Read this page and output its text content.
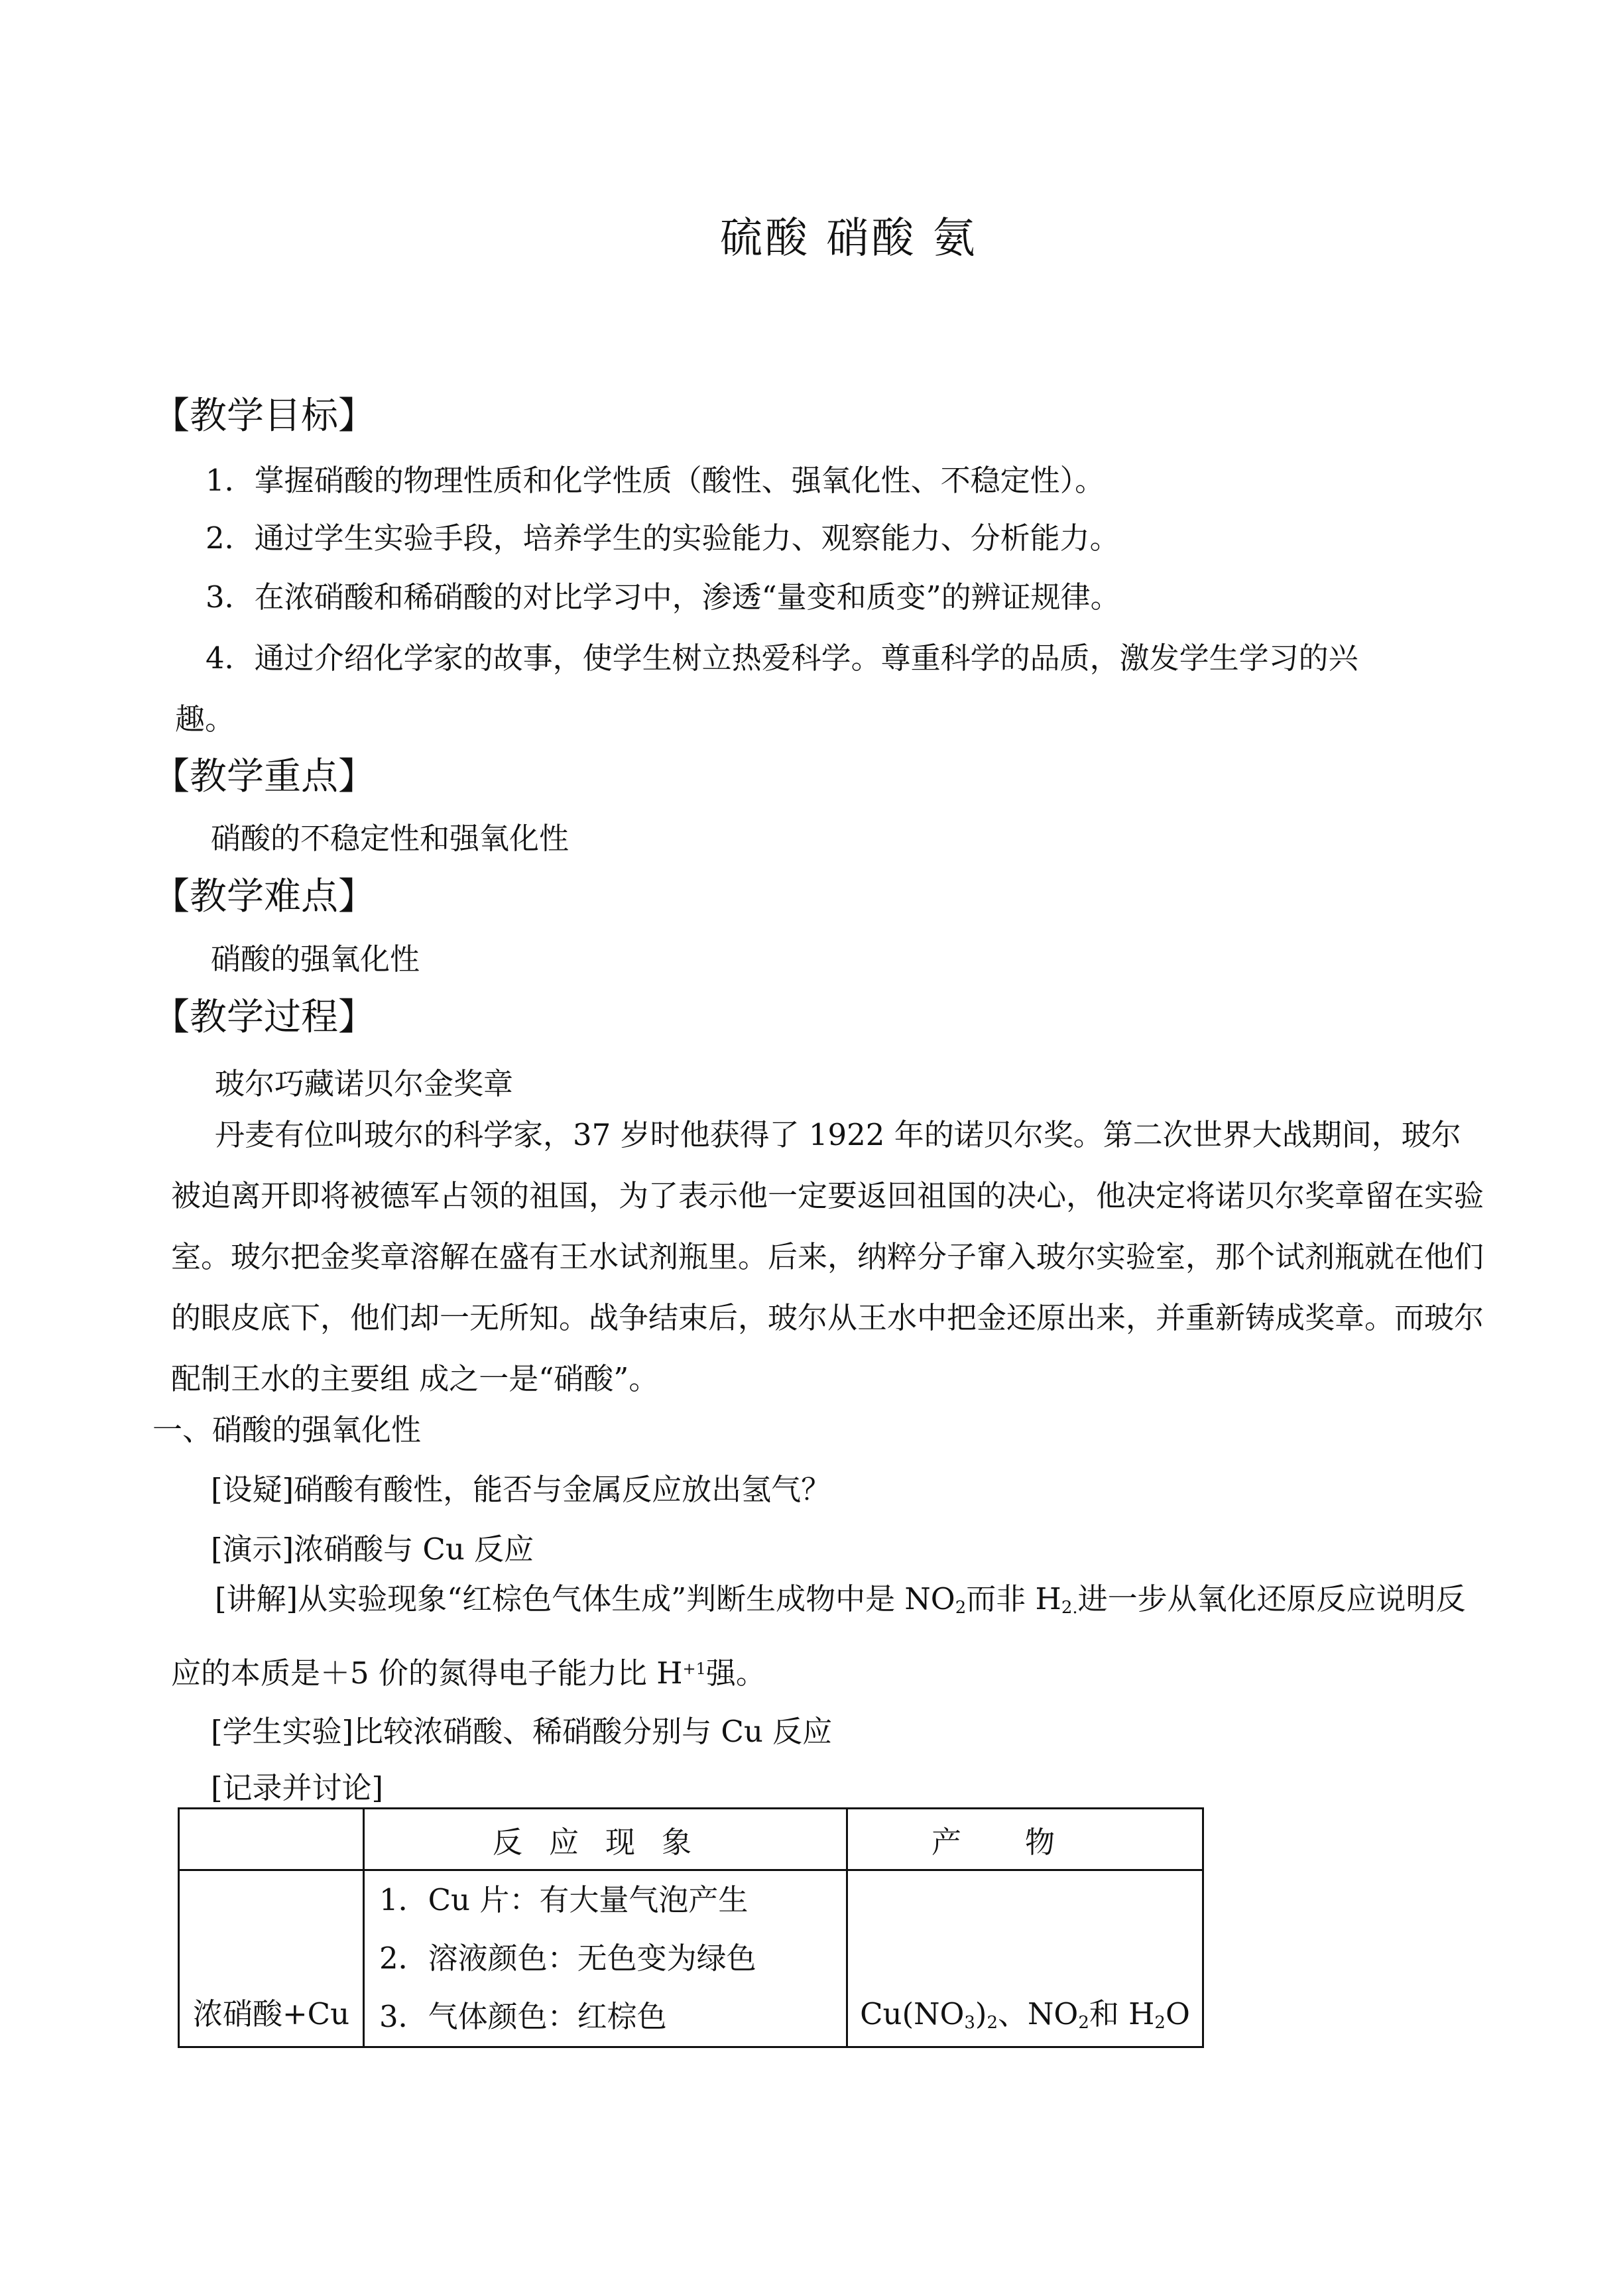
硫酸 硝酸 氨
【教学目标】
1．掌握硝酸的物理性质和化学性质（酸性、强氧化性、不稳定性）。
2．通过学生实验手段，培养学生的实验能力、观察能力、分析能力。
3．在浓硝酸和稀硝酸的对比学习中，渗透“量变和质变”的辨证规律。
4．通过介绍化学家的故事，使学生树立热爱科学。尊重科学的品质，激发学生学习的兴
趣。
【教学重点】
硝酸的不稳定性和强氧化性
【教学难点】
硝酸的强氧化性
【教学过程】
玻尔巧藏诺贝尔金奖章
丹麦有位叫玻尔的科学家，37 岁时他获得了 1922 年的诺贝尔奖。第二次世界大战期间，玻尔被迫离开即将被德军占领的祖国，为了表示他一定要返回祖国的决心，他决定将诺贝尔奖章留在实验室。玻尔把金奖章溶解在盛有王水试剂瓶里。后来，纳粹分子窜入玻尔实验室，那个试剂瓶就在他们的眼皮底下，他们却一无所知。战争结束后，玻尔从王水中把金还原出来，并重新铸成奖章。而玻尔配制王水的主要组 成之一是“硝酸”。
一、硝酸的强氧化性
[设疑]硝酸有酸性，能否与金属反应放出氢气？
[演示]浓硝酸与 Cu 反应
[讲解]从实验现象“红棕色气体生成”判断生成物中是 $NO_2$而非 $H_{2.}$进一步从氧化还原反应说明反应的本质是＋5 价的氮得电子能力比 $H^{+1}$强。
[学生实验]比较浓硝酸、稀硝酸分别与 Cu 反应
[记录并讨论]
	反应现象	产物
浓硝酸+Cu	1．Cu 片：有大量气泡产生
2．溶液颜色：无色变为绿色
3．气体颜色：红棕色	$Cu(NO_3)_2$、$NO_2$和 $H_2O$
